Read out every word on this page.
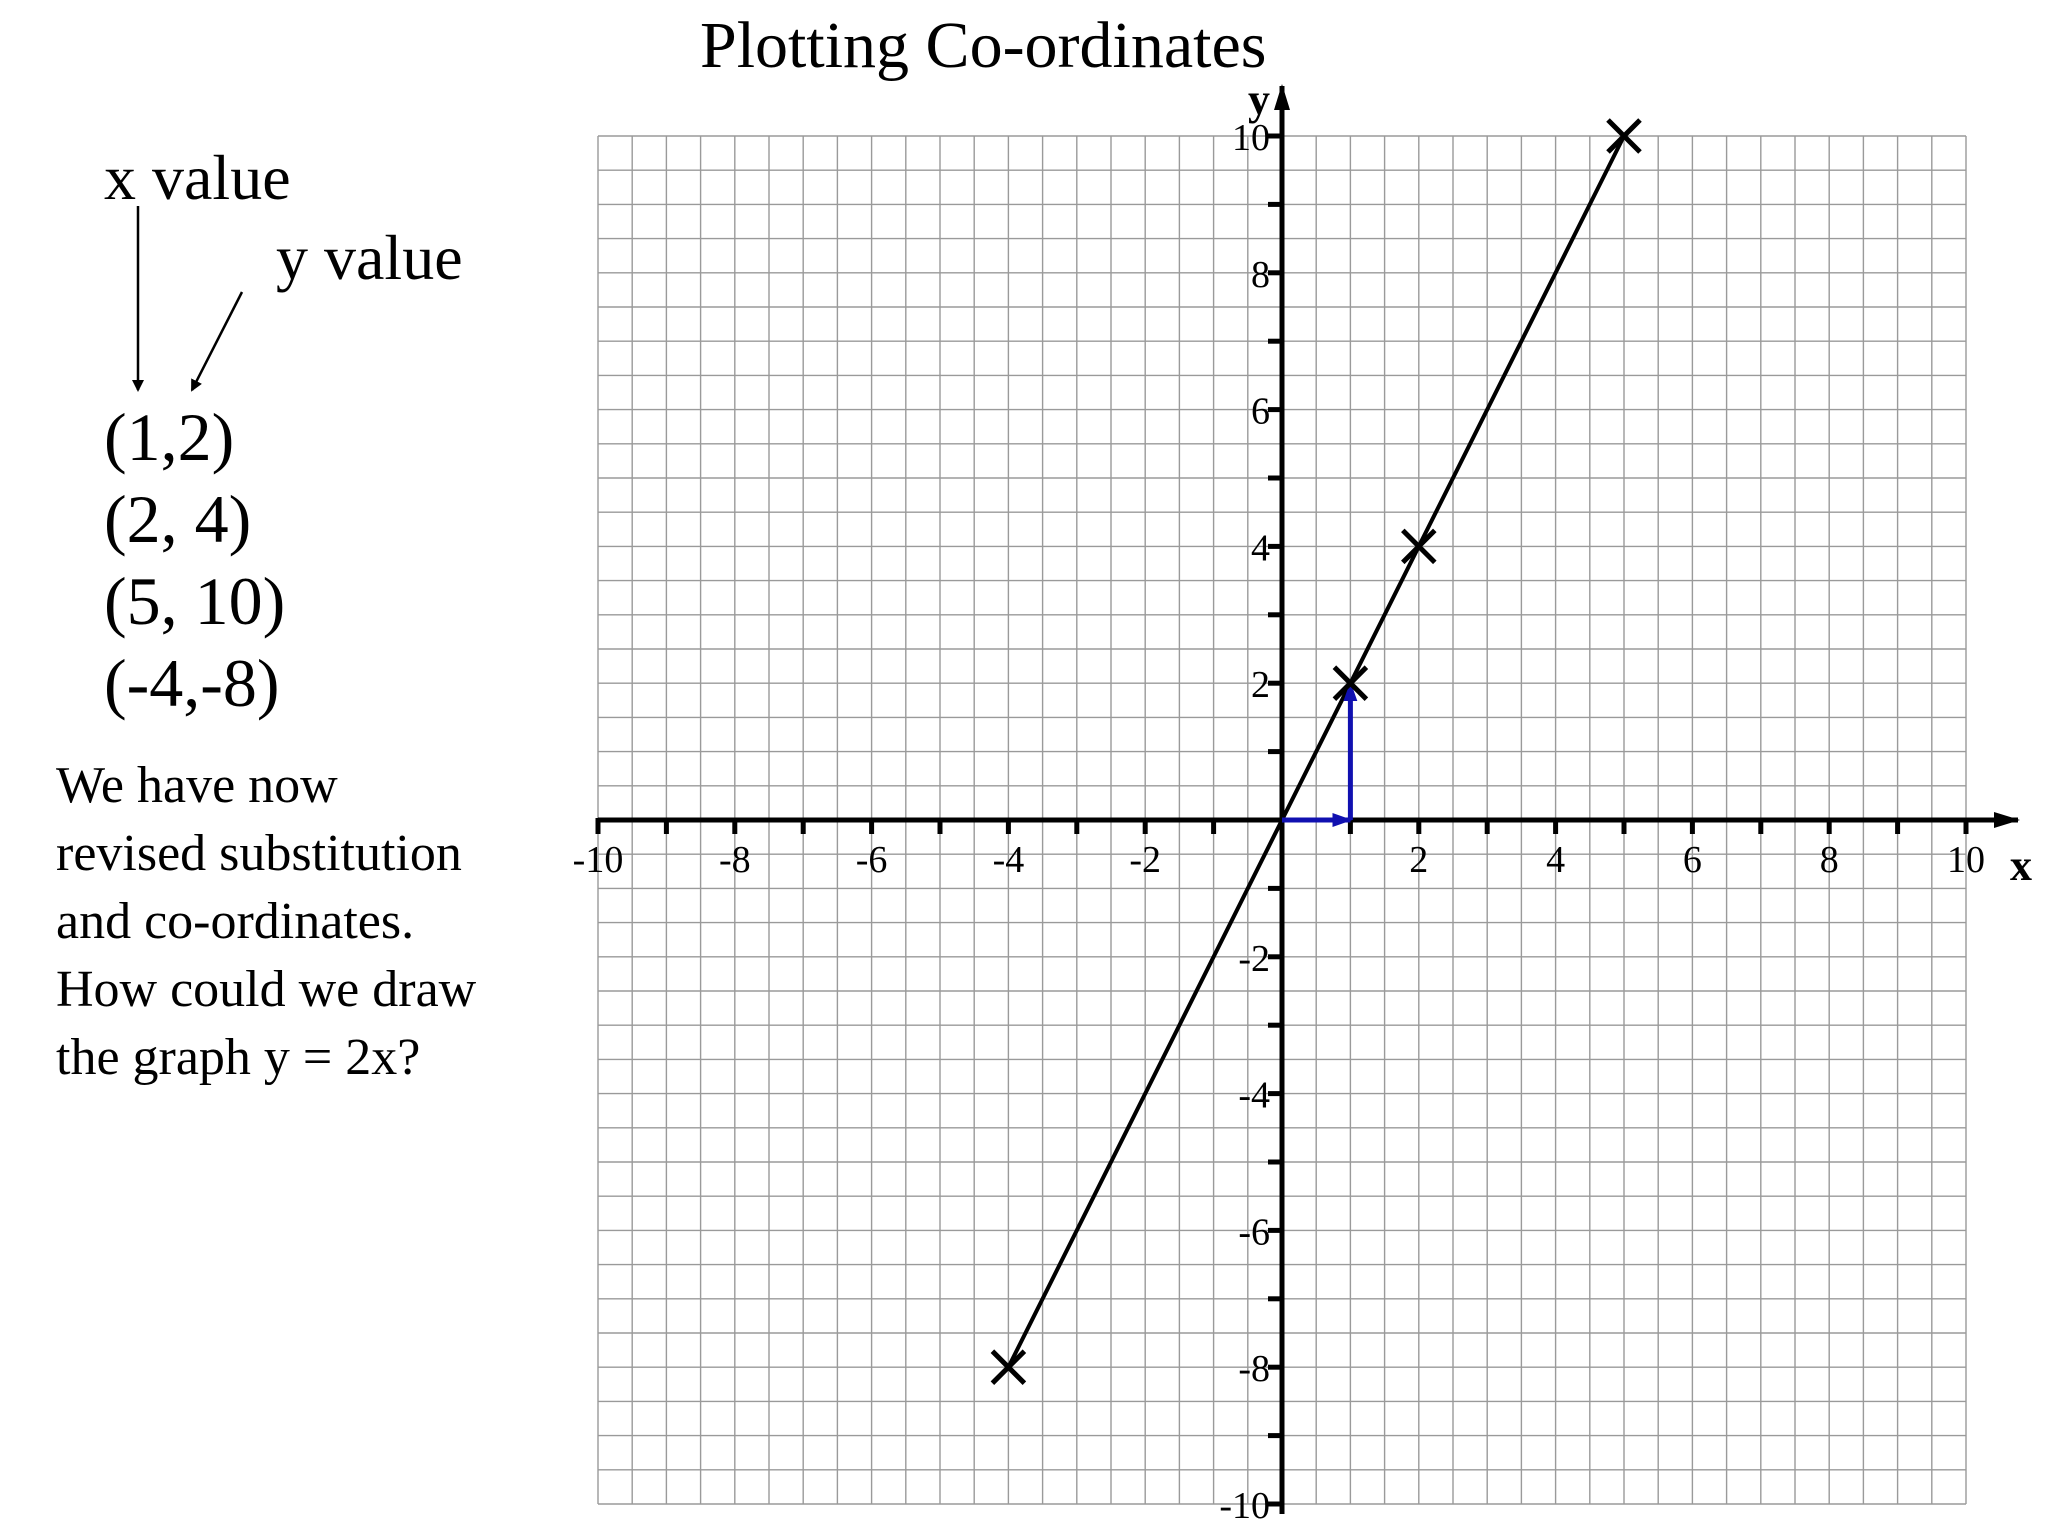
Plotting Co-ordinates
x value
y value
(1,2)
(2, 4)
(5, 10)
(-4,-8)

We have now
revised substitution
and co-ordinates.
How could we draw
the graph y = 2x?

-10	-8	-6	-4	-2	2	4	6	8	10
-10
-8
-6
-4
-2
2
4
6
8
10
x
y
